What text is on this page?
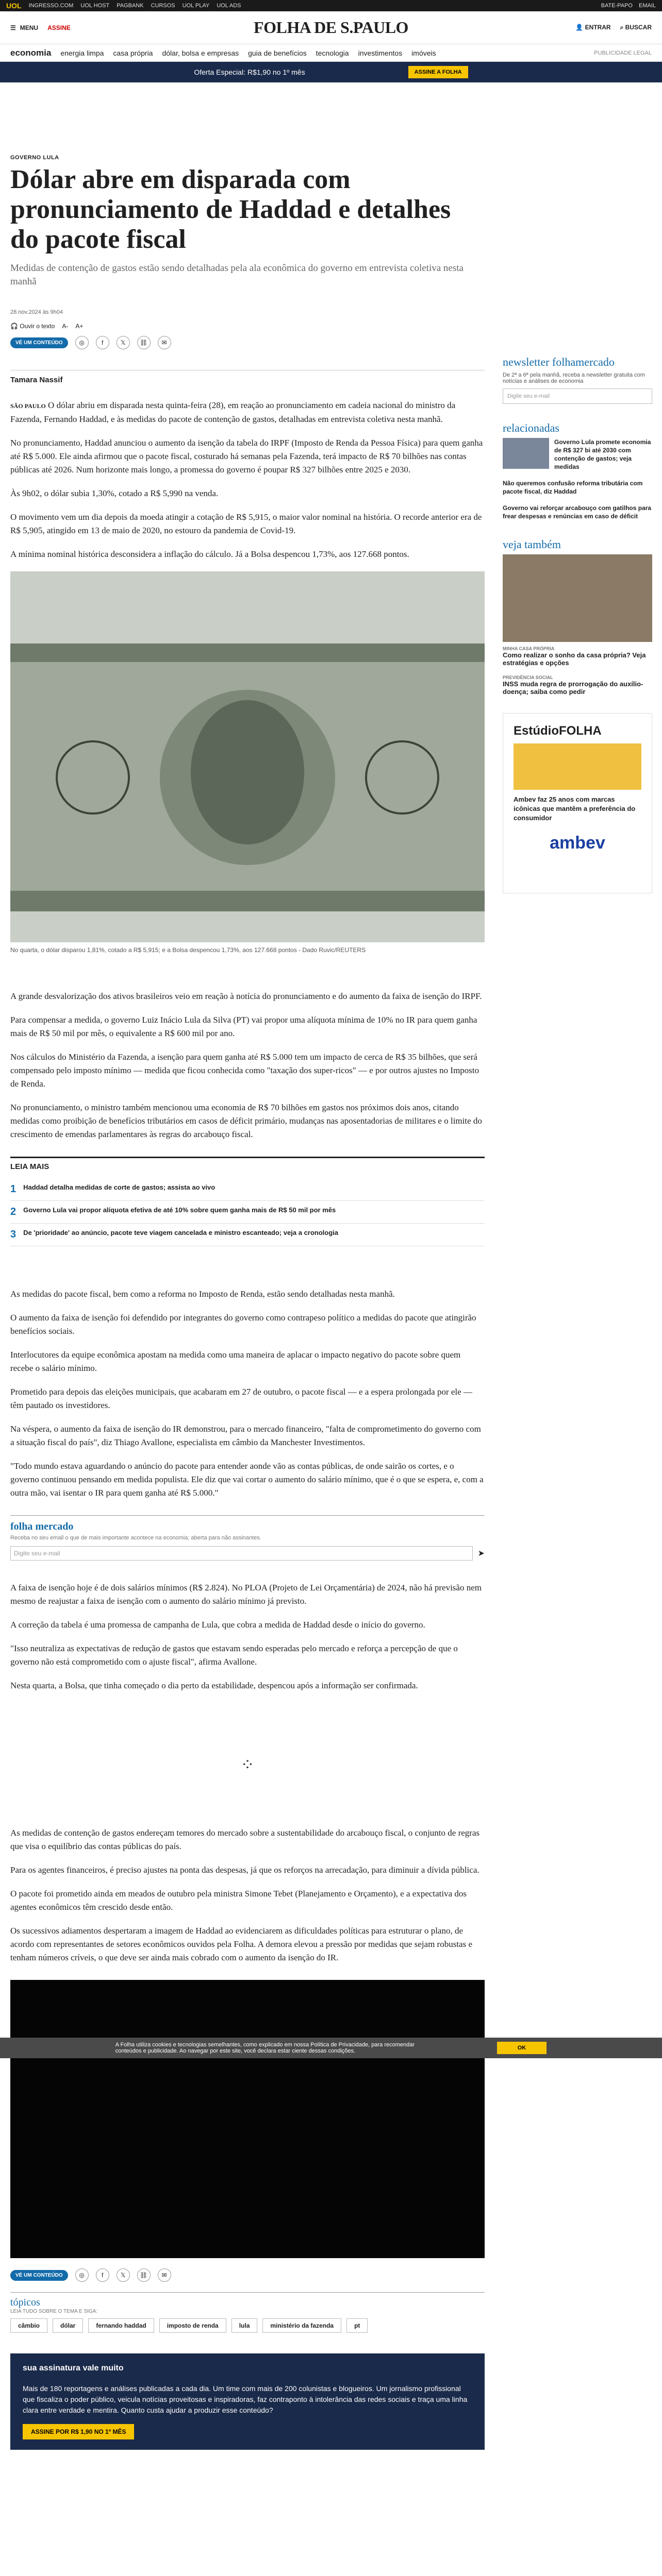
UOL INGRESSO.COM UOL HOST PAGBANK CURSOS UOL PLAY UOL ADS	BATE-PAPO EMAIL
☰ MENU ASSINE	FOLHA DE S.PAULO	👤 ENTRAR ⌕ BUSCAR
economia energia limpa casa própria dólar, bolsa e empresas guia de benefícios tecnologia investimentos imóveis	PUBLICIDADE LEGAL
Oferta Especial: R$1,90 no 1º mês	ASSINE A FOLHA
GOVERNO LULA
Dólar abre em disparada com pronunciamento de Haddad e detalhes do pacote fiscal
Medidas de contenção de gastos estão sendo detalhadas pela ala econômica do governo em entrevista coletiva nesta manhã
28.nov.2024 às 9h04
🎧 Ouvir o texto A- A+
VÉ UM CONTEÚDO	◎	f	𝕏	⛓	✉
Tamara Nassif

SÃO PAULO O dólar abriu em disparada nesta quinta-feira (28), em reação ao pronunciamento em cadeia nacional do ministro da Fazenda, Fernando Haddad, e às medidas do pacote de contenção de gastos, detalhadas em entrevista coletiva nesta manhã.

No pronunciamento, Haddad anunciou o aumento da isenção da tabela do IRPF (Imposto de Renda da Pessoa Física) para quem ganha até R$ 5.000. Ele ainda afirmou que o pacote fiscal, costurado há semanas pela Fazenda, terá impacto de R$ 70 bilhões nas contas públicas até 2026. Num horizonte mais longo, a promessa do governo é poupar R$ 327 bilhões entre 2025 e 2030.

Às 9h02, o dólar subia 1,30%, cotado a R$ 5,990 na venda.

O movimento vem um dia depois da moeda atingir a cotação de R$ 5,915, o maior valor nominal na história. O recorde anterior era de R$ 5,905, atingido em 13 de maio de 2020, no estouro da pandemia de Covid-19.

A mínima nominal histórica desconsidera a inflação do cálculo. Já a Bolsa despencou 1,73%, aos 127.668 pontos.

No quarta, o dólar disparou 1,81%, cotado a R$ 5,915; e a Bolsa despencou 1,73%, aos 127.668 pontos - Dado Ruvic/REUTERS

A grande desvalorização dos ativos brasileiros veio em reação à notícia do pronunciamento e do aumento da faixa de isenção do IRPF.

Para compensar a medida, o governo Luiz Inácio Lula da Silva (PT) vai propor uma alíquota mínima de 10% no IR para quem ganha mais de R$ 50 mil por mês, o equivalente a R$ 600 mil por ano.

Nos cálculos do Ministério da Fazenda, a isenção para quem ganha até R$ 5.000 tem um impacto de cerca de R$ 35 bilhões, que será compensado pelo imposto mínimo — medida que ficou conhecida como "taxação dos super-ricos" — e por outros ajustes no Imposto de Renda.

No pronunciamento, o ministro também mencionou uma economia de R$ 70 bilhões em gastos nos próximos dois anos, citando medidas como proibição de benefícios tributários em casos de déficit primário, mudanças nas aposentadorias de militares e o limite do crescimento de emendas parlamentares às regras do arcabouço fiscal.

LEIA MAIS
1 Haddad detalha medidas de corte de gastos; assista ao vivo
2 Governo Lula vai propor alíquota efetiva de até 10% sobre quem ganha mais de R$ 50 mil por mês
3 De 'prioridade' ao anúncio, pacote teve viagem cancelada e ministro escanteado; veja a cronologia

As medidas do pacote fiscal, bem como a reforma no Imposto de Renda, estão sendo detalhadas nesta manhã.

O aumento da faixa de isenção foi defendido por integrantes do governo como contrapeso político a medidas do pacote que atingirão benefícios sociais.

Interlocutores da equipe econômica apostam na medida como uma maneira de aplacar o impacto negativo do pacote sobre quem recebe o salário mínimo.

Prometido para depois das eleições municipais, que acabaram em 27 de outubro, o pacote fiscal — e a espera prolongada por ele — têm pautado os investidores.

Na véspera, o aumento da faixa de isenção do IR demonstrou, para o mercado financeiro, "falta de comprometimento do governo com a situação fiscal do país", diz Thiago Avallone, especialista em câmbio da Manchester Investimentos.

"Todo mundo estava aguardando o anúncio do pacote para entender aonde vão as contas públicas, de onde sairão os cortes, e o governo continuou pensando em medida populista. Ele diz que vai cortar o aumento do salário mínimo, que é o que se espera, e, com a outra mão, vai isentar o IR para quem ganha até R$ 5.000."

folha mercado
Receba no seu email o que de mais importante acontece na economia; aberta para não assinantes.
Digite seu e-mail	➤

A faixa de isenção hoje é de dois salários mínimos (R$ 2.824). No PLOA (Projeto de Lei Orçamentária) de 2024, não há previsão nem mesmo de reajustar a faixa de isenção com o aumento do salário mínimo já previsto.

A correção da tabela é uma promessa de campanha de Lula, que cobra a medida de Haddad desde o início do governo.

"Isso neutraliza as expectativas de redução de gastos que estavam sendo esperadas pelo mercado e reforça a percepção de que o governo não está comprometido com o ajuste fiscal", afirma Avallone.

Nesta quarta, a Bolsa, que tinha começado o dia perto da estabilidade, despencou após a informação ser confirmada.

⁘

As medidas de contenção de gastos endereçam temores do mercado sobre a sustentabilidade do arcabouço fiscal, o conjunto de regras que visa o equilíbrio das contas públicas do país.

Para os agentes financeiros, é preciso ajustes na ponta das despesas, já que os reforços na arrecadação, para diminuir a dívida pública.

O pacote foi prometido ainda em meados de outubro pela ministra Simone Tebet (Planejamento e Orçamento), e a expectativa dos agentes econômicos têm crescido desde então.

Os sucessivos adiamentos despertaram a imagem de Haddad ao evidenciarem as dificuldades políticas para estruturar o plano, de acordo com representantes de setores econômicos ouvidos pela Folha. A demora elevou a pressão por medidas que sejam robustas e tenham números críveis, o que deve ser ainda mais cobrado com o aumento da isenção do IR.

VÉ UM CONTEÚDO	◎	f	𝕏	⛓	✉
tópicos
LEIA TUDO SOBRE O TEMA E SIGA:
câmbio	dólar	fernando haddad	imposto de renda	lula	ministério da fazenda	pt
sua assinatura vale muito

Mais de 180 reportagens e análises publicadas a cada dia. Um time com mais de 200 colunistas e blogueiros. Um jornalismo profissional que fiscaliza o poder público, veicula notícias proveitosas e inspiradoras, faz contraponto à intolerância das redes sociais e traça uma linha clara entre verdade e mentira. Quanto custa ajudar a produzir esse conteúdo?

ASSINE POR R$ 1,90 NO 1º MÊS
newsletter folhamercado
De 2ª a 6ª pela manhã, receba a newsletter gratuita com notícias e análises de economia
Digite seu e-mail
relacionadas
Governo Lula promete economia de R$ 327 bi até 2030 com contenção de gastos; veja medidas
Não queremos confusão reforma tributária com pacote fiscal, diz Haddad
Governo vai reforçar arcabouço com gatilhos para frear despesas e renúncias em caso de déficit
veja também
MINHA CASA PRÓPRIA
Como realizar o sonho da casa própria? Veja estratégias e opções
PREVIDÊNCIA SOCIAL
INSS muda regra de prorrogação do auxílio-doença; saiba como pedir
EstúdioFOLHA
Ambev faz 25 anos com marcas icônicas que mantêm a preferência do consumidor
ambev
A Folha utiliza cookies e tecnologias semelhantes, como explicado em nossa Política de Privacidade, para recomendar conteúdos e publicidade. Ao navegar por este site, você declara estar ciente dessas condições.	OK
